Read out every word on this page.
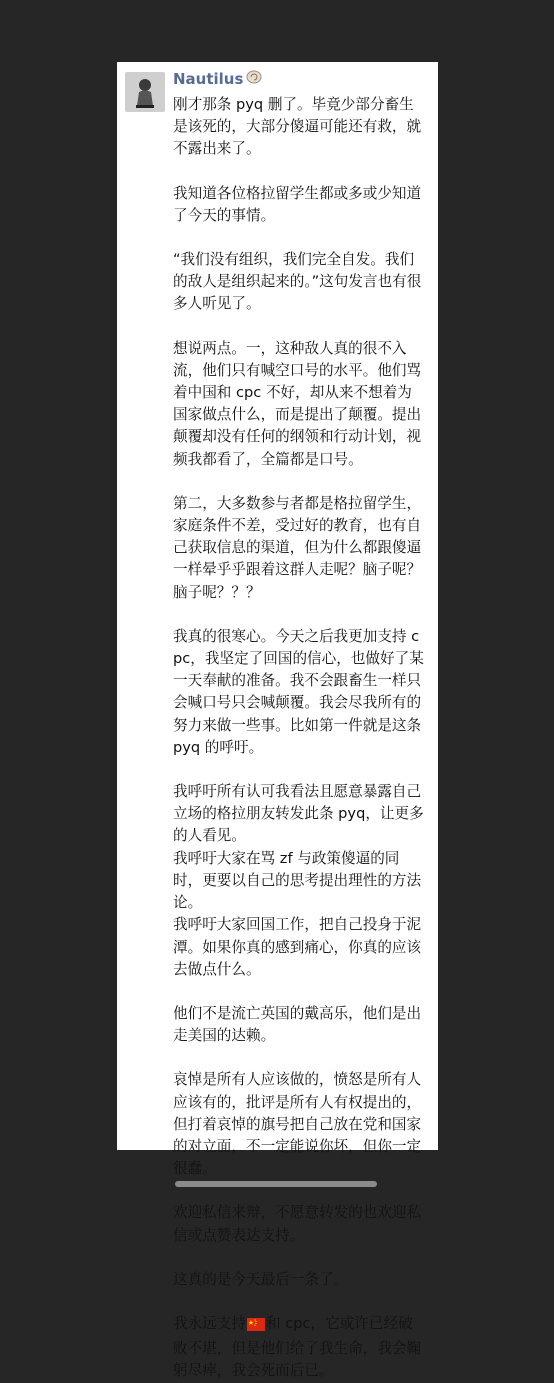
Nautilus

刚才那条 pyq 删了。毕竟少部分畜生是该死的，大部分傻逼可能还有救，就不露出来了。

我知道各位格拉留学生都或多或少知道了今天的事情。

“我们没有组织，我们完全自发。我们的敌人是组织起来的。”这句发言也有很多人听见了。

想说两点。一，这种敌人真的很不入流，他们只有喊空口号的水平。他们骂着中国和 cpc 不好，却从来不想着为国家做点什么，而是提出了颠覆。提出颠覆却没有任何的纲领和行动计划，视频我都看了，全篇都是口号。

第二，大多数参与者都是格拉留学生，家庭条件不差，受过好的教育，也有自己获取信息的渠道，但为什么都跟傻逼一样晕乎乎跟着这群人走呢？脑子呢？脑子呢？？？

我真的很寒心。今天之后我更加支持 cpc，我坚定了回国的信心，也做好了某一天奉献的准备。我不会跟畜生一样只会喊口号只会喊颠覆。我会尽我所有的努力来做一些事。比如第一件就是这条 pyq 的呼吁。

我呼吁所有认可我看法且愿意暴露自己立场的格拉朋友转发此条 pyq，让更多的人看见。
我呼吁大家在骂 zf 与政策傻逼的同时，更要以自己的思考提出理性的方法论。
我呼吁大家回国工作，把自己投身于泥潭。如果你真的感到痛心，你真的应该去做点什么。

他们不是流亡英国的戴高乐，他们是出走美国的达赖。

哀悼是所有人应该做的，愤怒是所有人应该有的，批评是所有人有权提出的，但打着哀悼的旗号把自己放在党和国家的对立面，不一定能说你坏，但你一定很蠢。

欢迎私信来辩，不愿意转发的也欢迎私信或点赞表达支持。

这真的是今天最后一条了。

我永远支持 和 cpc，它或许已经破败不堪，但是他们给了我生命，我会鞠躬尽瘁，我会死而后已。
